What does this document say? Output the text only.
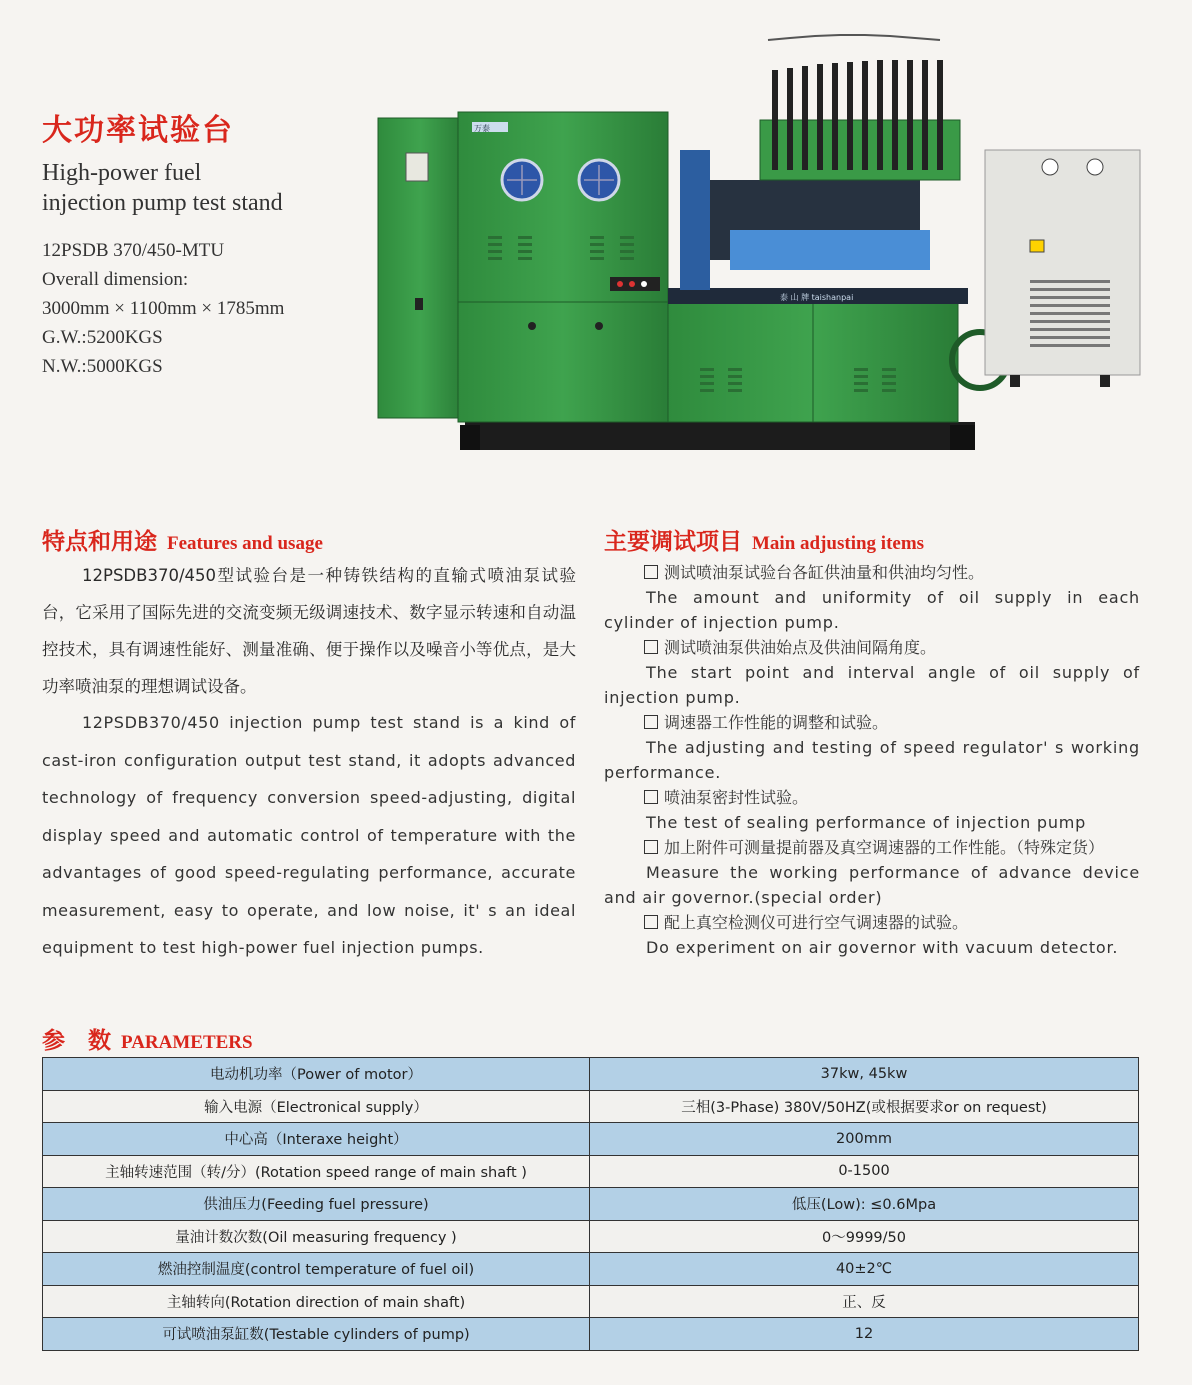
大功率试验台
High-power fuel
injection pump test stand
12PSDB 370/450-MTU
Overall dimension:
3000mm × 1100mm × 1785mm
G.W.:5200KGS
N.W.:5000KGS
万泰
泰 山 牌 taishanpai
特点和用途 Features and usage
12PSDB370/450型试验台是一种铸铁结构的直输式喷油泵试验台，它采用了国际先进的交流变频无级调速技术、数字显示转速和自动温控技术，具有调速性能好、测量准确、便于操作以及噪音小等优点，是大功率喷油泵的理想调试设备。
12PSDB370/450 injection pump test stand is a kind of cast-iron configuration output test stand, it adopts advanced technology of frequency conversion speed-adjusting, digital display speed and automatic control of temperature with the advantages of good speed-regulating performance, accurate measurement, easy to operate, and low noise, it' s an ideal equipment to test high-power fuel injection pumps.
主要调试项目 Main adjusting items
测试喷油泵试验台各缸供油量和供油均匀性。
The amount and uniformity of oil supply in each cylinder of injection pump.
测试喷油泵供油始点及供油间隔角度。
The start point and interval angle of oil supply of injection pump.
调速器工作性能的调整和试验。
The adjusting and testing of speed regulator' s working performance.
喷油泵密封性试验。
The test of sealing performance of injection pump
加上附件可测量提前器及真空调速器的工作性能。（特殊定货）
Measure the working performance of advance device and air governor.(special order)
配上真空检测仪可进行空气调速器的试验。
Do experiment on air governor with vacuum detector.
参　数 PARAMETERS
电动机功率（Power of motor）	37kw, 45kw
输入电源（Electronical supply）	三相(3-Phase) 380V/50HZ(或根据要求or on request)
中心高（Interaxe height）	200mm
主轴转速范围（转/分）(Rotation speed range of main shaft )	0-1500
供油压力(Feeding fuel pressure)	低压(Low): ≤0.6Mpa
量油计数次数(Oil measuring frequency )	0～9999/50
燃油控制温度(control temperature of fuel oil)	40±2℃
主轴转向(Rotation direction of main shaft)	正、反
可试喷油泵缸数(Testable cylinders of pump)	12
